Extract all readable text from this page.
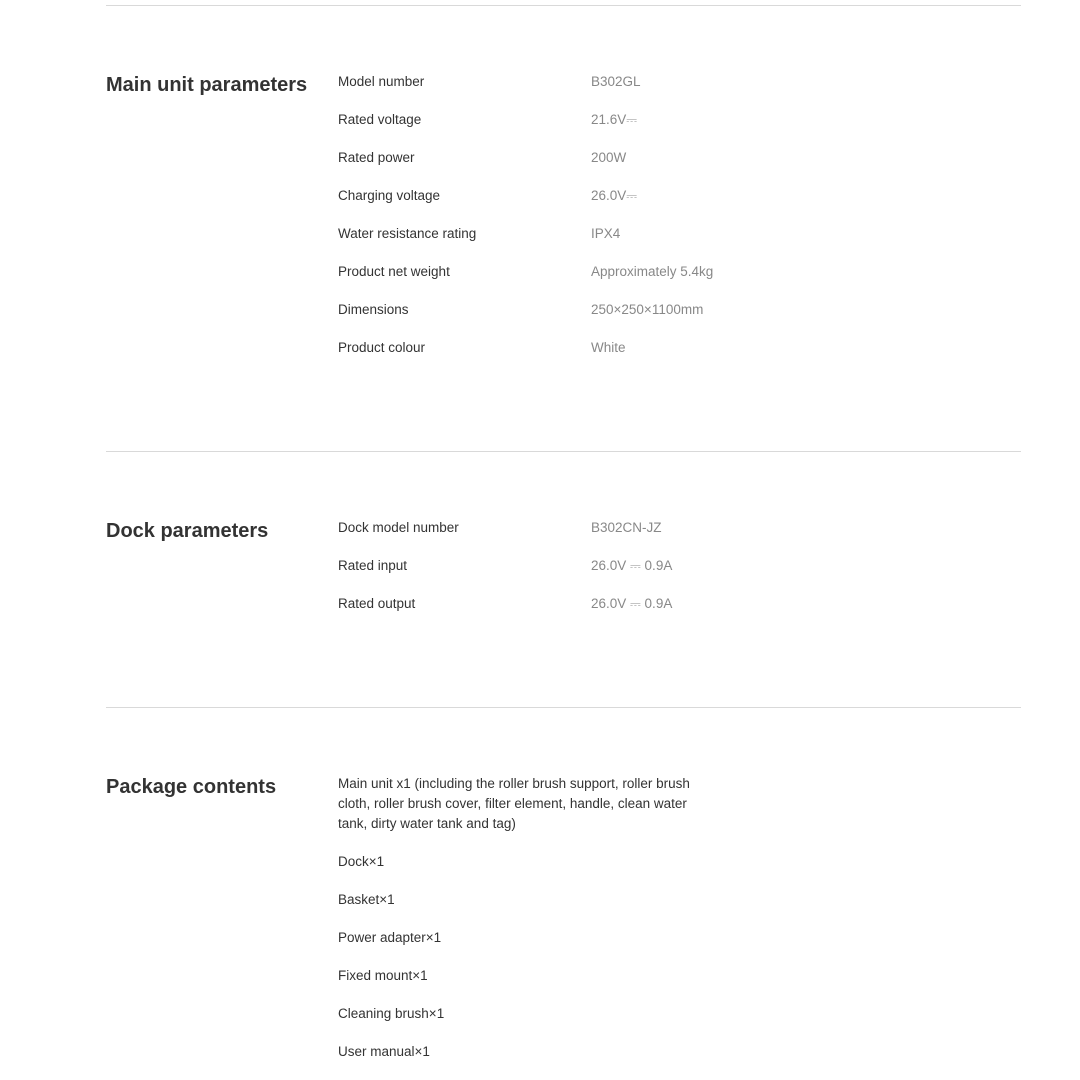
Main unit parameters Model number	B302GL
Rated voltage	21.6V⎓
Rated power	200W
Charging voltage	26.0V⎓
Water resistance rating	IPX4
Product net weight	Approximately 5.4kg
Dimensions	250×250×1100mm
Product colour	White
Dock parameters	Dock model number	B302CN-JZ
Rated input	26.0V ⎓ 0.9A
Rated output	26.0V ⎓ 0.9A
Package contents	Main unit x1 (including the roller brush support, roller brush cloth, roller brush cover, filter element, handle, clean water tank, dirty water tank and tag)
Dock×1
Basket×1
Power adapter×1
Fixed mount×1
Cleaning brush×1
User manual×1
